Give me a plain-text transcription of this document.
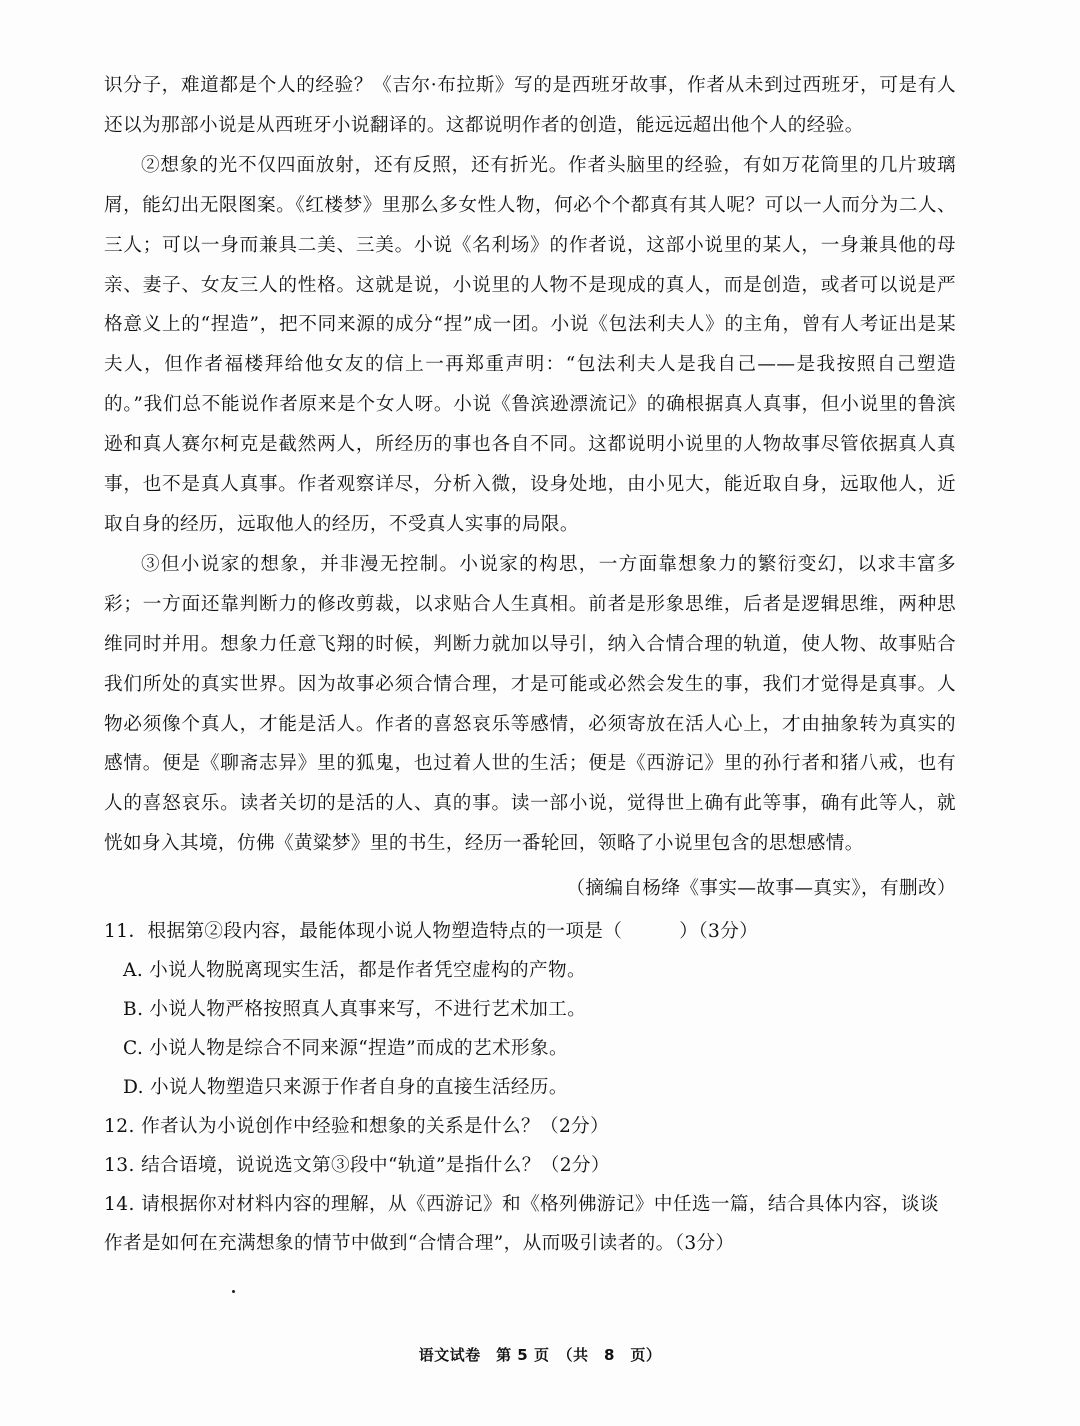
识分子，难道都是个人的经验？《吉尔·布拉斯》写的是西班牙故事，作者从未到过西班牙，可是有人还以为那部小说是从西班牙小说翻译的。这都说明作者的创造，能远远超出他个人的经验。

②想象的光不仅四面放射，还有反照，还有折光。作者头脑里的经验，有如万花筒里的几片玻璃屑，能幻出无限图案。《红楼梦》里那么多女性人物，何必个个都真有其人呢？可以一人而分为二人、三人；可以一身而兼具二美、三美。小说《名利场》的作者说，这部小说里的某人，一身兼具他的母亲、妻子、女友三人的性格。这就是说，小说里的人物不是现成的真人，而是创造，或者可以说是严格意义上的“捏造”，把不同来源的成分“捏”成一团。小说《包法利夫人》的主角，曾有人考证出是某夫人，但作者福楼拜给他女友的信上一再郑重声明：“包法利夫人是我自己——是我按照自己塑造的。”我们总不能说作者原来是个女人呀。小说《鲁滨逊漂流记》的确根据真人真事，但小说里的鲁滨逊和真人赛尔柯克是截然两人，所经历的事也各自不同。这都说明小说里的人物故事尽管依据真人真事，也不是真人真事。作者观察详尽，分析入微，设身处地，由小见大，能近取自身，远取他人，近取自身的经历，远取他人的经历，不受真人实事的局限。

③但小说家的想象，并非漫无控制。小说家的构思，一方面靠想象力的繁衍变幻，以求丰富多彩；一方面还靠判断力的修改剪裁，以求贴合人生真相。前者是形象思维，后者是逻辑思维，两种思维同时并用。想象力任意飞翔的时候，判断力就加以导引，纳入合情合理的轨道，使人物、故事贴合我们所处的真实世界。因为故事必须合情合理，才是可能或必然会发生的事，我们才觉得是真事。人物必须像个真人，才能是活人。作者的喜怒哀乐等感情，必须寄放在活人心上，才由抽象转为真实的感情。便是《聊斋志异》里的狐鬼，也过着人世的生活；便是《西游记》里的孙行者和猪八戒，也有人的喜怒哀乐。读者关切的是活的人、真的事。读一部小说，觉得世上确有此等事，确有此等人，就恍如身入其境，仿佛《黄粱梦》里的书生，经历一番轮回，领略了小说里包含的思想感情。

（摘编自杨绛《事实—故事—真实》，有删改）

11．根据第②段内容，最能体现小说人物塑造特点的一项是（　　　）（3分）

A. 小说人物脱离现实生活，都是作者凭空虚构的产物。
B. 小说人物严格按照真人真事来写，不进行艺术加工。
C. 小说人物是综合不同来源“捏造”而成的艺术形象。
D. 小说人物塑造只来源于作者自身的直接生活经历。

12. 作者认为小说创作中经验和想象的关系是什么？（2分）

13. 结合语境，说说选文第③段中“轨道”是指什么？（2分）

14. 请根据你对材料内容的理解，从《西游记》和《格列佛游记》中任选一篇，结合具体内容，谈谈作者是如何在充满想象的情节中做到“合情合理”，从而吸引读者的。（3分）

语文试卷　第 5 页　（共　8　页）
